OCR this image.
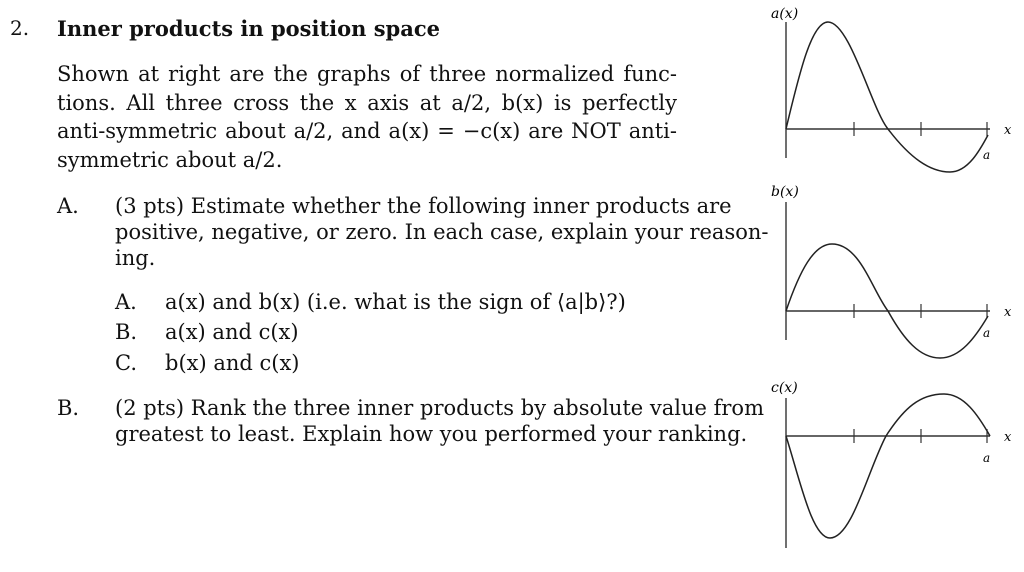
2. Inner products in position space
Shown at right are the graphs of three normalized func-
tions. All three cross the x axis at a/2, b(x) is perfectly
anti-symmetric about a/2, and a(x) = −c(x) are NOT anti-
symmetric about a/2.
A. (3 pts) Estimate whether the following inner products are
positive, negative, or zero. In each case, explain your reason-
ing.
A. a(x) and b(x) (i.e. what is the sign of ⟨a|b⟩?)
B. a(x) and c(x)
C. b(x) and c(x)
B. (2 pts) Rank the three inner products by absolute value from
greatest to least. Explain how you performed your ranking.
a(x)
x
a
b(x)
x
a
c(x)
x
a
